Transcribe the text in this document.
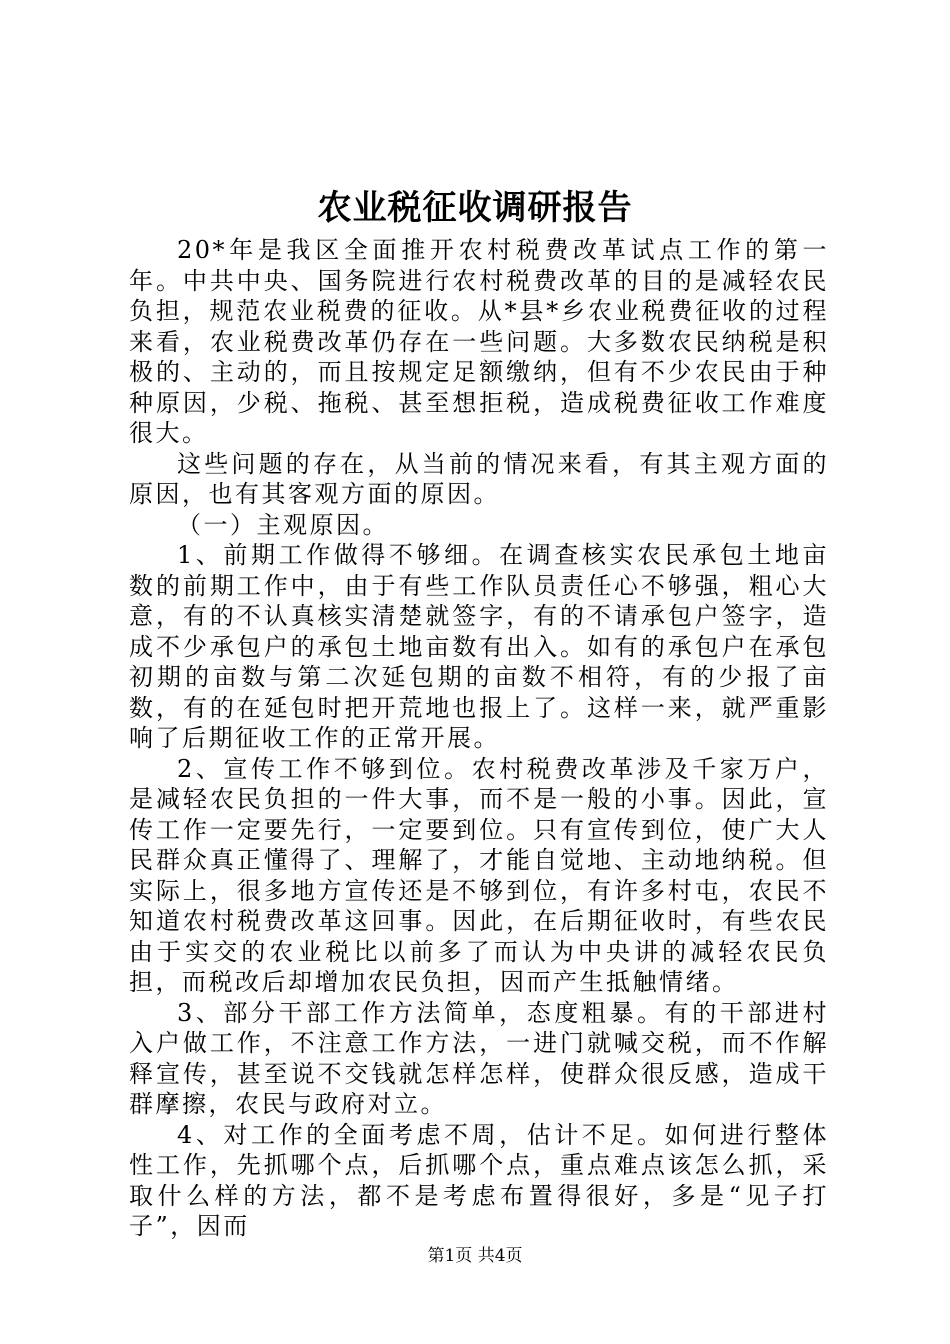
农业税征收调研报告

20*年是我区全面推开农村税费改革试点工作的第一年。中共中央、国务院进行农村税费改革的目的是减轻农民负担，规范农业税费的征收。从*县*乡农业税费征收的过程来看，农业税费改革仍存在一些问题。大多数农民纳税是积极的、主动的，而且按规定足额缴纳，但有不少农民由于种种原因，少税、拖税、甚至想拒税，造成税费征收工作难度很大。

这些问题的存在，从当前的情况来看，有其主观方面的原因，也有其客观方面的原因。

（一）主观原因。

1、前期工作做得不够细。在调查核实农民承包土地亩数的前期工作中，由于有些工作队员责任心不够强，粗心大意，有的不认真核实清楚就签字，有的不请承包户签字，造成不少承包户的承包土地亩数有出入。如有的承包户在承包初期的亩数与第二次延包期的亩数不相符，有的少报了亩数，有的在延包时把开荒地也报上了。这样一来，就严重影响了后期征收工作的正常开展。

2、宣传工作不够到位。农村税费改革涉及千家万户，是减轻农民负担的一件大事，而不是一般的小事。因此，宣传工作一定要先行，一定要到位。只有宣传到位，使广大人民群众真正懂得了、理解了，才能自觉地、主动地纳税。但实际上，很多地方宣传还是不够到位，有许多村屯，农民不知道农村税费改革这回事。因此，在后期征收时，有些农民由于实交的农业税比以前多了而认为中央讲的减轻农民负担，而税改后却增加农民负担，因而产生抵触情绪。

3、部分干部工作方法简单，态度粗暴。有的干部进村入户做工作，不注意工作方法，一进门就喊交税，而不作解释宣传，甚至说不交钱就怎样怎样，使群众很反感，造成干群摩擦，农民与政府对立。

4、对工作的全面考虑不周，估计不足。如何进行整体性工作，先抓哪个点，后抓哪个点，重点难点该怎么抓，采取什么样的方法，都不是考虑布置得很好，多是“见子打子”，因而

第1页 共4页
